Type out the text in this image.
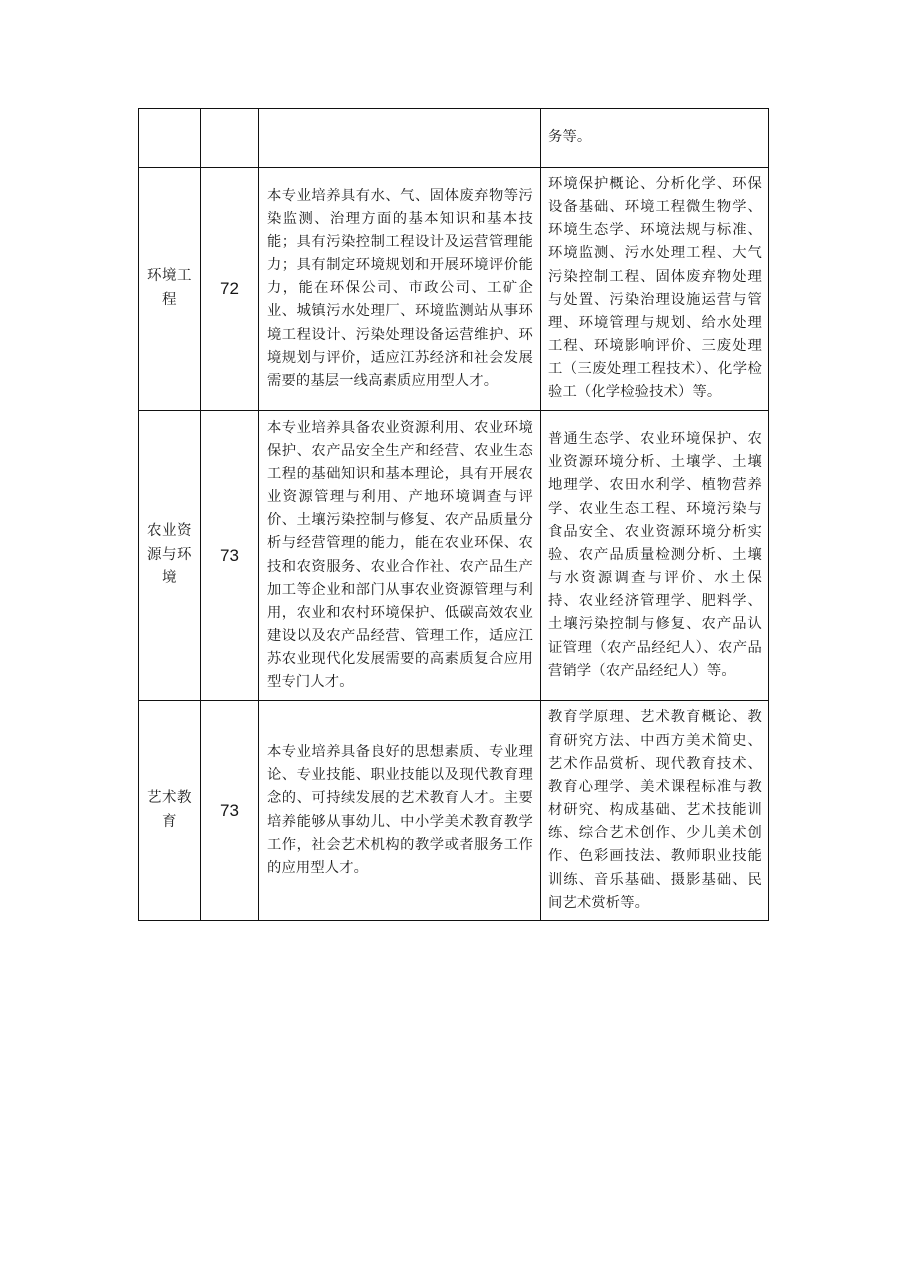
			务等。
环境工程	72	本专业培养具有水、气、固体废弃物等污染监测、治理方面的基本知识和基本技能；具有污染控制工程设计及运营管理能力；具有制定环境规划和开展环境评价能力，能在环保公司、市政公司、工矿企业、城镇污水处理厂、环境监测站从事环境工程设计、污染处理设备运营维护、环境规划与评价，适应江苏经济和社会发展需要的基层一线高素质应用型人才。	环境保护概论、分析化学、环保设备基础、环境工程微生物学、环境生态学、环境法规与标准、环境监测、污水处理工程、大气污染控制工程、固体废弃物处理与处置、污染治理设施运营与管理、环境管理与规划、给水处理工程、环境影响评价、三废处理工（三废处理工程技术）、化学检验工（化学检验技术）等。
农业资源与环境	73	本专业培养具备农业资源利用、农业环境保护、农产品安全生产和经营、农业生态工程的基础知识和基本理论，具有开展农业资源管理与利用、产地环境调查与评价、土壤污染控制与修复、农产品质量分析与经营管理的能力，能在农业环保、农技和农资服务、农业合作社、农产品生产加工等企业和部门从事农业资源管理与利用，农业和农村环境保护、低碳高效农业建设以及农产品经营、管理工作，适应江苏农业现代化发展需要的高素质复合应用型专门人才。	普通生态学、农业环境保护、农业资源环境分析、土壤学、土壤地理学、农田水利学、植物营养学、农业生态工程、环境污染与食品安全、农业资源环境分析实验、农产品质量检测分析、土壤与水资源调查与评价、水土保持、农业经济管理学、肥料学、土壤污染控制与修复、农产品认证管理（农产品经纪人）、农产品营销学（农产品经纪人）等。
艺术教育	73	本专业培养具备良好的思想素质、专业理论、专业技能、职业技能以及现代教育理念的、可持续发展的艺术教育人才。主要培养能够从事幼儿、中小学美术教育教学工作，社会艺术机构的教学或者服务工作的应用型人才。	教育学原理、艺术教育概论、教育研究方法、中西方美术简史、艺术作品赏析、现代教育技术、教育心理学、美术课程标准与教材研究、构成基础、艺术技能训练、综合艺术创作、少儿美术创作、色彩画技法、教师职业技能训练、音乐基础、摄影基础、民间艺术赏析等。
